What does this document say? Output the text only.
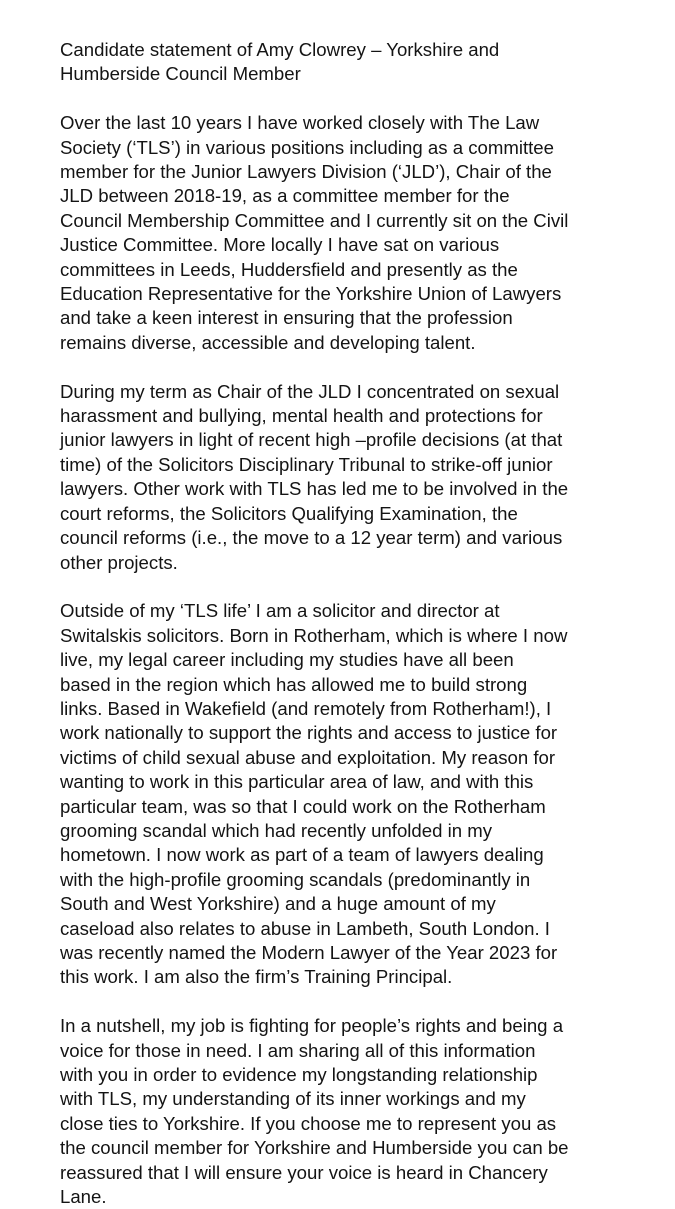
Candidate statement of Amy Clowrey – Yorkshire and
Humberside Council Member

Over the last 10 years I have worked closely with The Law
Society (‘TLS’) in various positions including as a committee
member for the Junior Lawyers Division (‘JLD’), Chair of the
JLD between 2018-19, as a committee member for the
Council Membership Committee and I currently sit on the Civil
Justice Committee. More locally I have sat on various
committees in Leeds, Huddersfield and presently as the
Education Representative for the Yorkshire Union of Lawyers
and take a keen interest in ensuring that the profession
remains diverse, accessible and developing talent.

During my term as Chair of the JLD I concentrated on sexual
harassment and bullying, mental health and protections for
junior lawyers in light of recent high –profile decisions (at that
time) of the Solicitors Disciplinary Tribunal to strike-off junior
lawyers. Other work with TLS has led me to be involved in the
court reforms, the Solicitors Qualifying Examination, the
council reforms (i.e., the move to a 12 year term) and various
other projects.

Outside of my ‘TLS life’ I am a solicitor and director at
Switalskis solicitors. Born in Rotherham, which is where I now
live, my legal career including my studies have all been
based in the region which has allowed me to build strong
links. Based in Wakefield (and remotely from Rotherham!), I
work nationally to support the rights and access to justice for
victims of child sexual abuse and exploitation. My reason for
wanting to work in this particular area of law, and with this
particular team, was so that I could work on the Rotherham
grooming scandal which had recently unfolded in my
hometown. I now work as part of a team of lawyers dealing
with the high-profile grooming scandals (predominantly in
South and West Yorkshire) and a huge amount of my
caseload also relates to abuse in Lambeth, South London. I
was recently named the Modern Lawyer of the Year 2023 for
this work. I am also the firm’s Training Principal.

In a nutshell, my job is fighting for people’s rights and being a
voice for those in need. I am sharing all of this information
with you in order to evidence my longstanding relationship
with TLS, my understanding of its inner workings and my
close ties to Yorkshire. If you choose me to represent you as
the council member for Yorkshire and Humberside you can be
reassured that I will ensure your voice is heard in Chancery
Lane.
